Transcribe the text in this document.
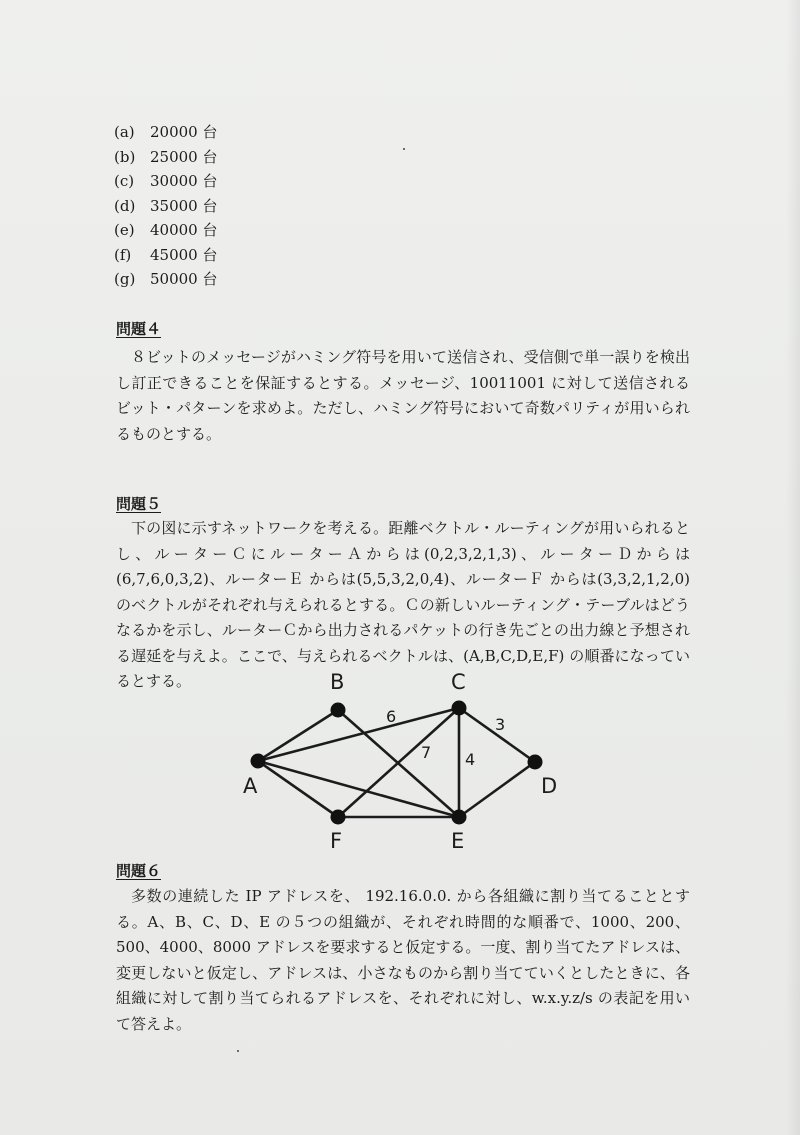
(a)	20000 台
(b) 25000 台
(c)	30000 台
(d) 35000 台
(e)	40000 台
(f)	45000 台
(g) 50000 台
問題４

８ビットのメッセージがハミング符号を用いて送信され、受信側で単一誤りを検出し訂正できることを保証するとする。メッセージ、10011001 に対して送信されるビット・パターンを求めよ。ただし、ハミング符号において奇数パリティが用いられるものとする。

問題５

下の図に示すネットワークを考える。距離ベクトル・ルーティングが用いられるとし、ルーターＣにルーターＡからは(0,2,3,2,1,3)、ルーターＤからは(6,7,6,0,3,2)、ルーターＥ からは(5,5,3,2,0,4)、ルーターＦ からは(3,3,2,1,2,0) のベクトルがそれぞれ与えられるとする。Ｃの新しいルーティング・テーブルはどうなるかを示し、ルーターＣから出力されるパケットの行き先ごとの出力線と予想される遅延を与えよ。ここで、与えられるベクトルは、(A,B,C,D,E,F) の順番になっているとする。

A
B	C
D
E
F
6	3
4
7
問題６

多数の連続した IP アドレスを、 192.16.0.0. から各組織に割り当てることとする。A、B、C、D、E の５つの組織が、それぞれ時間的な順番で、1000、200、500、4000、8000 アドレスを要求すると仮定する。一度、割り当てたアドレスは、変更しないと仮定し、アドレスは、小さなものから割り当てていくとしたときに、各組織に対して割り当てられるアドレスを、それぞれに対し、w.x.y.z/s の表記を用いて答えよ。
